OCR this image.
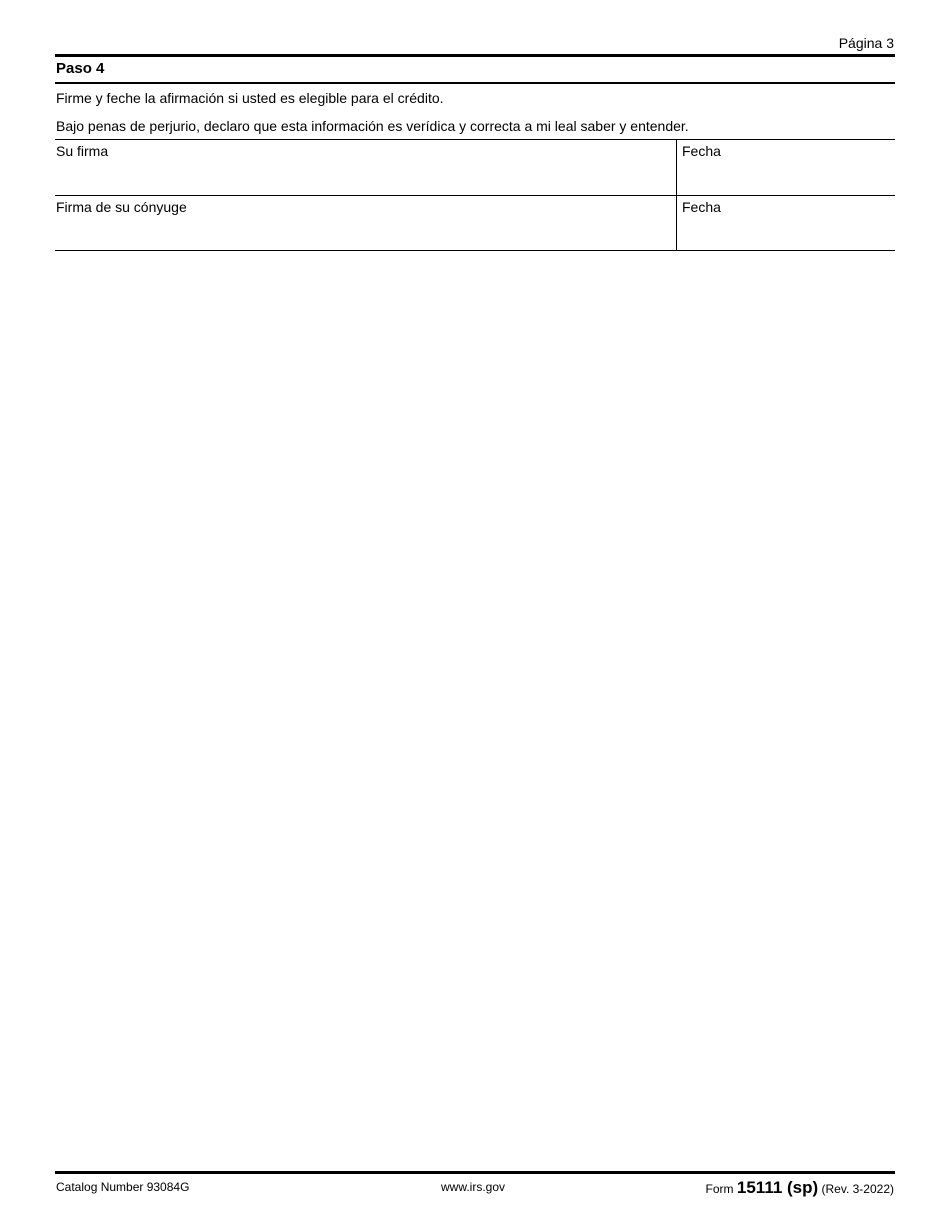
Página 3
Paso 4
Firme y feche la afirmación si usted es elegible para el crédito.
Bajo penas de perjurio, declaro que esta información es verídica y correcta a mi leal saber y entender.
Su firma	Fecha
Firma de su cónyuge	Fecha
Catalog Number 93084G	www.irs.gov	Form 15111 (sp) (Rev. 3-2022)
